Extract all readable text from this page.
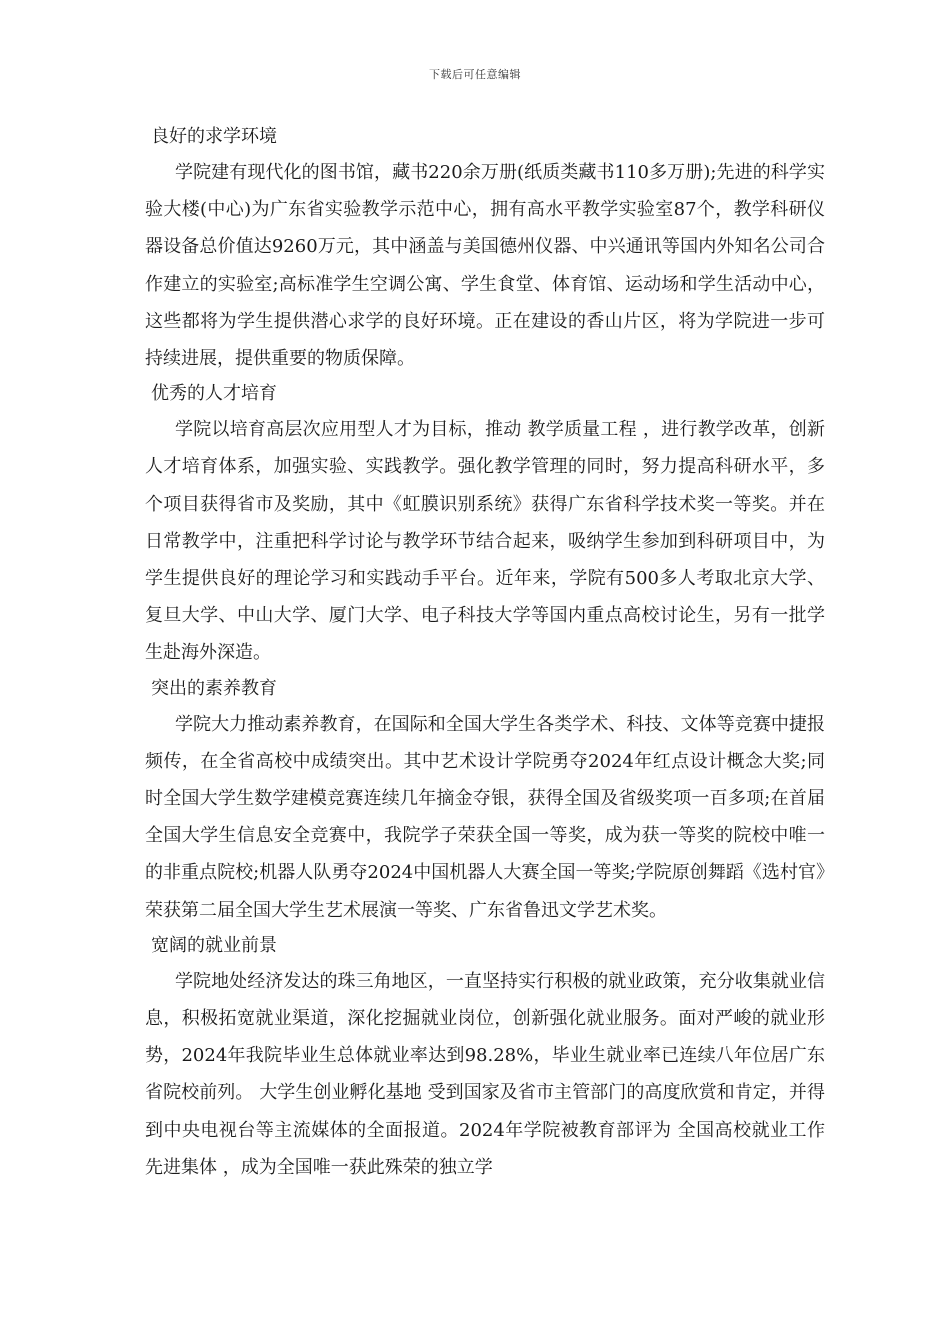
下载后可任意编辑
良好的求学环境

学院建有现代化的图书馆，藏书220余万册(纸质类藏书110多万册);先进的科学实验大楼(中心)为广东省实验教学示范中心，拥有高水平教学实验室87个，教学科研仪器设备总价值达9260万元，其中涵盖与美国德州仪器、中兴通讯等国内外知名公司合作建立的实验室;高标准学生空调公寓、学生食堂、体育馆、运动场和学生活动中心，这些都将为学生提供潜心求学的良好环境。正在建设的香山片区，将为学院进一步可持续进展，提供重要的物质保障。

优秀的人才培育

学院以培育高层次应用型人才为目标，推动 教学质量工程 ，进行教学改革，创新人才培育体系，加强实验、实践教学。强化教学管理的同时，努力提高科研水平，多个项目获得省市及奖励，其中《虹膜识别系统》获得广东省科学技术奖一等奖。并在日常教学中，注重把科学讨论与教学环节结合起来，吸纳学生参加到科研项目中，为学生提供良好的理论学习和实践动手平台。近年来，学院有500多人考取北京大学、复旦大学、中山大学、厦门大学、电子科技大学等国内重点高校讨论生，另有一批学生赴海外深造。

突出的素养教育

学院大力推动素养教育，在国际和全国大学生各类学术、科技、文体等竞赛中捷报频传，在全省高校中成绩突出。其中艺术设计学院勇夺2024年红点设计概念大奖;同时全国大学生数学建模竞赛连续几年摘金夺银，获得全国及省级奖项一百多项;在首届全国大学生信息安全竞赛中，我院学子荣获全国一等奖，成为获一等奖的院校中唯一的非重点院校;机器人队勇夺2024中国机器人大赛全国一等奖;学院原创舞蹈《选村官》荣获第二届全国大学生艺术展演一等奖、广东省鲁迅文学艺术奖。

宽阔的就业前景

学院地处经济发达的珠三角地区，一直坚持实行积极的就业政策，充分收集就业信息，积极拓宽就业渠道，深化挖掘就业岗位，创新强化就业服务。面对严峻的就业形势，2024年我院毕业生总体就业率达到98.28%，毕业生就业率已连续八年位居广东省院校前列。 大学生创业孵化基地 受到国家及省市主管部门的高度欣赏和肯定，并得到中央电视台等主流媒体的全面报道。2024年学院被教育部评为 全国高校就业工作先进集体 ，成为全国唯一获此殊荣的独立学
